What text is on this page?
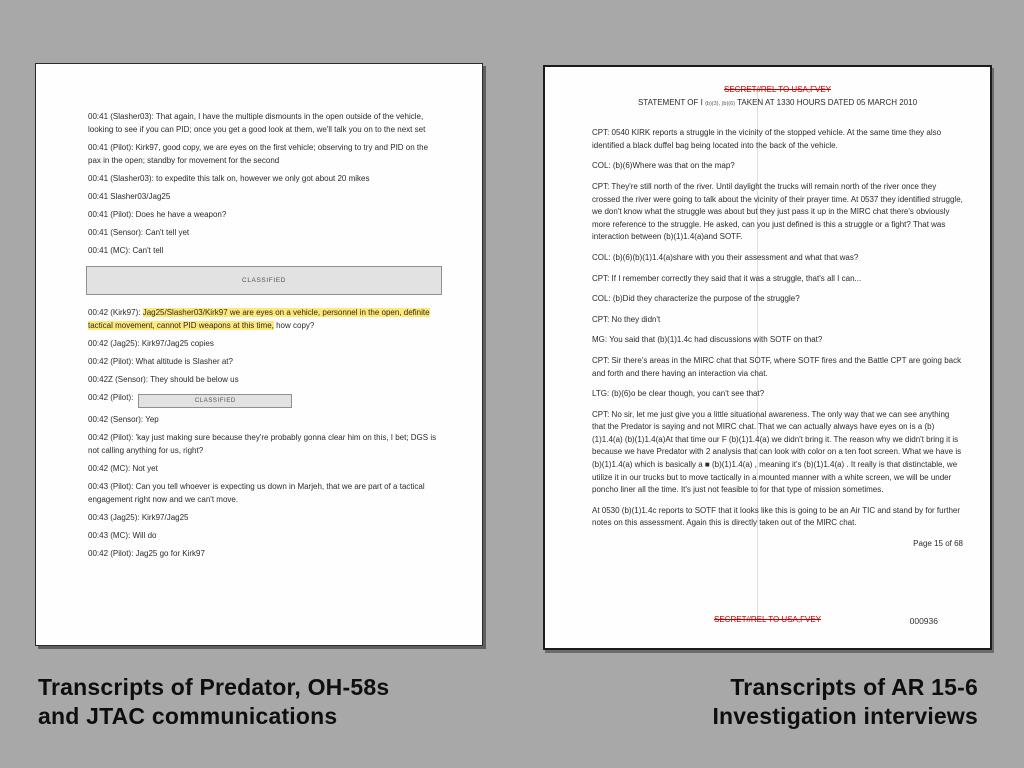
00:41 (Slasher03): That again, I have the multiple dismounts in the open outside of the vehicle, looking to see if you can PID; once you get a good look at them, we'll talk you on to the next set

00:41 (Pilot): Kirk97, good copy, we are eyes on the first vehicle; observing to try and PID on the pax in the open; standby for movement for the second

00:41 (Slasher03): to expedite this talk on, however we only got about 20 mikes

00:41 Slasher03/Jag25

00:41 (Pilot): Does he have a weapon?

00:41 (Sensor): Can't tell yet

00:41 (MC): Can't tell

CLASSIFIED

00:42 (Kirk97): Jag25/Slasher03/Kirk97 we are eyes on a vehicle, personnel in the open, definite tactical movement, cannot PID weapons at this time, how copy?

00:42 (Jag25): Kirk97/Jag25 copies

00:42 (Pilot): What altitude is Slasher at?

00:42Z (Sensor): They should be below us

00:42 (Pilot):	CLASSIFIED

00:42 (Sensor): Yep

00:42 (Pilot): 'kay just making sure because they're probably gonna clear him on this, I bet; DGS is not calling anything for us, right?

00:42 (MC): Not yet

00:43 (Pilot): Can you tell whoever is expecting us down in Marjeh, that we are part of a tactical engagement right now and we can't move.

00:43 (Jag25): Kirk97/Jag25

00:43 (MC): Will do

00:42 (Pilot): Jag25 go for Kirk97

SECRET//REL TO USA,FVEY
STATEMENT OF I (b)(3), (b)(6) TAKEN AT 1330 HOURS DATED 05 MARCH 2010

CPT: 0540 KIRK reports a struggle in the vicinity of the stopped vehicle. At the same time they also identified a black duffel bag being located into the back of the vehicle.

COL: (b)(6)Where was that on the map?

CPT: They're still north of the river. Until daylight the trucks will remain north of the river once they crossed the river were going to talk about the vicinity of their prayer time. At 0537 they identified struggle, we don't know what the struggle was about but they just pass it up in the MIRC chat there's obviously more reference to the struggle. He asked, can you just defined is this a struggle or a fight? That was interaction between (b)(1)1.4(a)and SOTF.

COL: (b)(6)(b)(1)1.4(a)share with you their assessment and what that was?

CPT: If I remember correctly they said that it was a struggle, that's all I can...

COL: (b)Did they characterize the purpose of the struggle?

CPT: No they didn't

MG: You said that (b)(1)1.4c had discussions with SOTF on that?

CPT: Sir there's areas in the MIRC chat that SOTF, where SOTF fires and the Battle CPT are going back and forth and there having an interaction via chat.

LTG: (b)(6)o be clear though, you can't see that?

CPT: No sir, let me just give you a little situational awareness. The only way that we can see anything that the Predator is saying and not MIRC chat. That we can actually always have eyes on is a (b)(1)1.4(a) (b)(1)1.4(a)At that time our F (b)(1)1.4(a) we didn't bring it. The reason why we didn't bring it is because we have Predator with 2 analysis that can look with color on a ten foot screen. What we have is (b)(1)1.4(a) which is basically a ■ (b)(1)1.4(a) , meaning it's (b)(1)1.4(a) . It really is that distinctable, we utilize it in our trucks but to move tactically in a mounted manner with a white screen, we will be under poncho liner all the time. It's just not feasible to for that type of mission sometimes.

At 0530 (b)(1)1.4c reports to SOTF that it looks like this is going to be an Air TIC and stand by for further notes on this assessment. Again this is directly taken out of the MIRC chat.

Page 15 of 68
SECRET//REL TO USA,FVEY	000936
Transcripts of Predator, OH-58s
and JTAC communications
Transcripts of AR 15-6
Investigation interviews
